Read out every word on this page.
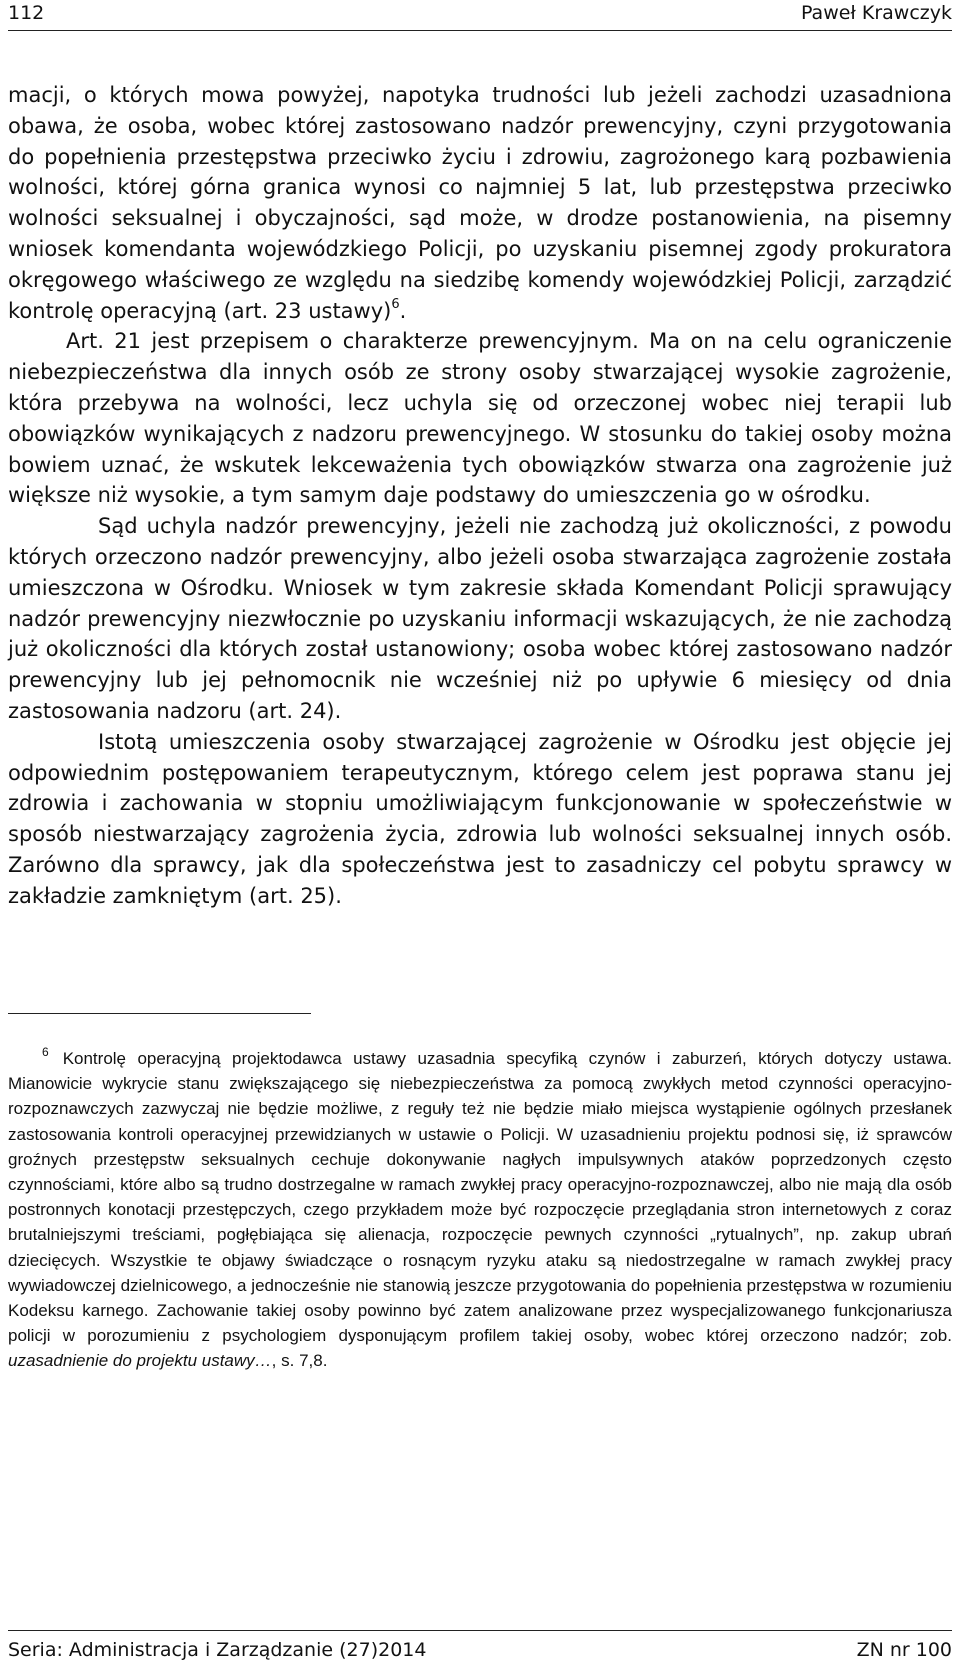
112	Paweł Krawczyk

macji, o których mowa powyżej, napotyka trudności lub jeżeli zachodzi uzasadniona obawa, że osoba, wobec której zastosowano nadzór prewencyjny, czyni przygotowania do popełnienia przestępstwa przeciwko życiu i zdrowiu, zagrożonego karą pozbawienia wolności, której górna granica wynosi co najmniej 5 lat, lub przestępstwa przeciwko wolności seksualnej i obyczajności, sąd może, w drodze postanowienia, na pisemny wniosek komendanta wojewódzkiego Policji, po uzyskaniu pisemnej zgody prokuratora okręgowego właściwego ze względu na siedzibę komendy wojewódzkiej Policji, zarządzić kontrolę operacyjną (art. 23 ustawy)$^6$.

Art. 21 jest przepisem o charakterze prewencyjnym. Ma on na celu ograniczenie niebezpieczeństwa dla innych osób ze strony osoby stwarzającej wysokie zagrożenie, która przebywa na wolności, lecz uchyla się od orzeczonej wobec niej terapii lub obowiązków wynikających z nadzoru prewencyjnego. W stosunku do takiej osoby można bowiem uznać, że wskutek lekceważenia tych obowiązków stwarza ona zagrożenie już większe niż wysokie, a tym samym daje podstawy do umieszczenia go w ośrodku.

Sąd uchyla nadzór prewencyjny, jeżeli nie zachodzą już okoliczności, z powodu których orzeczono nadzór prewencyjny, albo jeżeli osoba stwarzająca zagrożenie została umieszczona w Ośrodku. Wniosek w tym zakresie składa Komendant Policji sprawujący nadzór prewencyjny niezwłocznie po uzyskaniu informacji wskazujących, że nie zachodzą już okoliczności dla których został ustanowiony; osoba wobec której zastosowano nadzór prewencyjny lub jej pełnomocnik nie wcześniej niż po upływie 6 miesięcy od dnia zastosowania nadzoru (art. 24).

Istotą umieszczenia osoby stwarzającej zagrożenie w Ośrodku jest objęcie jej odpowiednim postępowaniem terapeutycznym, którego celem jest poprawa stanu jej zdrowia i zachowania w stopniu umożliwiającym funkcjonowanie w społeczeństwie w sposób niestwarzający zagrożenia życia, zdrowia lub wolności seksualnej innych osób. Zarówno dla sprawcy, jak dla społeczeństwa jest to zasadniczy cel pobytu sprawcy w zakładzie zamkniętym (art. 25).

$^6$ Kontrolę operacyjną projektodawca ustawy uzasadnia specyfiką czynów i zaburzeń, których dotyczy ustawa. Mianowicie wykrycie stanu zwiększającego się niebezpieczeństwa za pomocą zwykłych metod czynności operacyjno-rozpoznawczych zazwyczaj nie będzie możliwe, z reguły też nie będzie miało miejsca wystąpienie ogólnych przesłanek zastosowania kontroli operacyjnej przewidzianych w ustawie o Policji. W uzasadnieniu projektu podnosi się, iż sprawców groźnych przestępstw seksualnych cechuje dokonywanie nagłych impulsywnych ataków poprzedzonych często czynnościami, które albo są trudno dostrzegalne w ramach zwykłej pracy operacyjno-rozpoznawczej, albo nie mają dla osób postronnych konotacji przestępczych, czego przykładem może być rozpoczęcie przeglądania stron internetowych z coraz brutalniejszymi treściami, pogłębiająca się alienacja, rozpoczęcie pewnych czynności „rytualnych”, np. zakup ubrań dziecięcych. Wszystkie te objawy świadczące o rosnącym ryzyku ataku są niedostrzegalne w ramach zwykłej pracy wywiadowczej dzielnicowego, a jednocześnie nie stanowią jeszcze przygotowania do popełnienia przestępstwa w rozumieniu Kodeksu karnego. Zachowanie takiej osoby powinno być zatem analizowane przez wyspecjalizowanego funkcjonariusza policji w porozumieniu z psychologiem dysponującym profilem takiej osoby, wobec której orzeczono nadzór; zob. uzasadnienie do projektu ustawy…, s. 7,8.

Seria: Administracja i Zarządzanie (27)2014	ZN nr 100
